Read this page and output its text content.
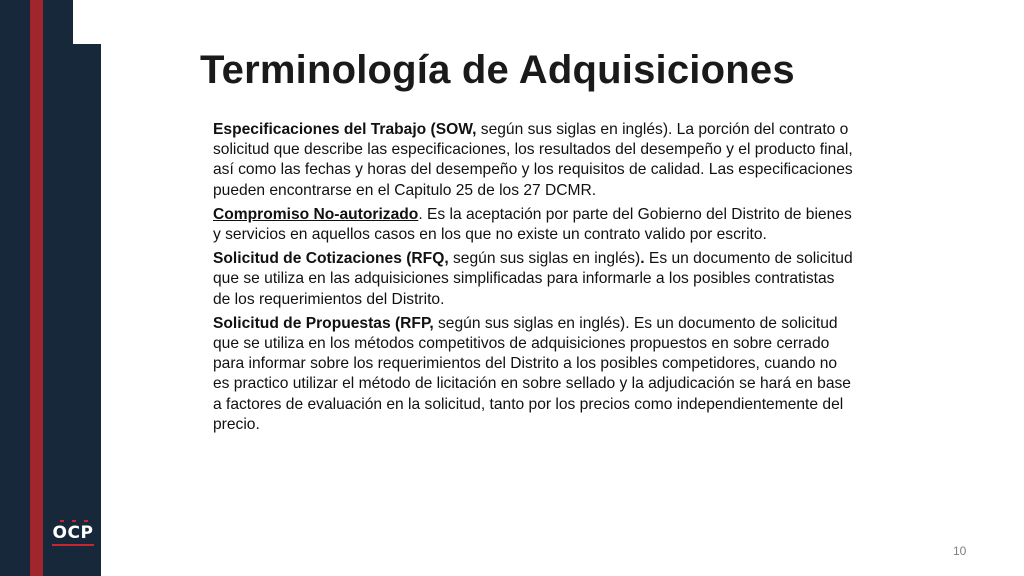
Terminología de Adquisiciones

Especificaciones del Trabajo (SOW, según sus siglas en inglés). La porción del contrato o solicitud que describe las especificaciones, los resultados del desempeño y el producto final, así como las fechas y horas del desempeño y los requisitos de calidad. Las especificaciones pueden encontrarse en el Capitulo 25 de los 27 DCMR.

Compromiso No-autorizado. Es la aceptación por parte del Gobierno del Distrito de bienes y servicios en aquellos casos en los que no existe un contrato valido por escrito.

Solicitud de Cotizaciones (RFQ, según sus siglas en inglés). Es un documento de solicitud que se utiliza en las adquisiciones simplificadas para informarle a los posibles contratistas de los requerimientos del Distrito.

Solicitud de Propuestas (RFP, según sus siglas en inglés). Es un documento de solicitud que se utiliza en los métodos competitivos de adquisiciones propuestos en sobre cerrado para informar sobre los requerimientos del Distrito a los posibles competidores, cuando no es practico utilizar el método de licitación en sobre sellado y la adjudicación se hará en base a factores de evaluación en la solicitud, tanto por los precios como independientemente del precio.

OCP
10
